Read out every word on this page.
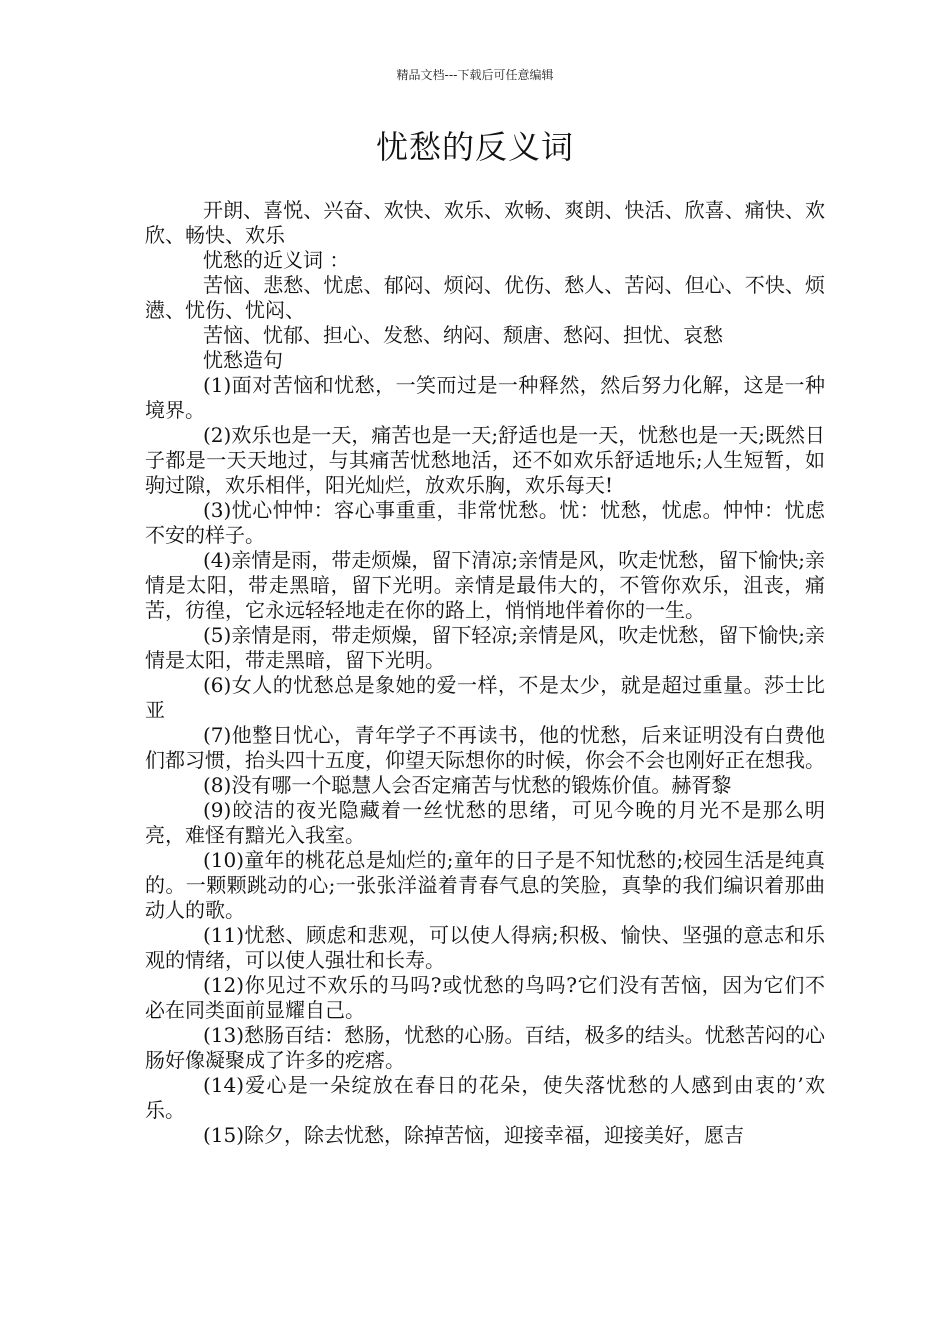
精品文档---下载后可任意编辑
忧愁的反义词

开朗、喜悦、兴奋、欢快、欢乐、欢畅、爽朗、快活、欣喜、痛快、欢欣、畅快、欢乐

忧愁的近义词 ：

苦恼、悲愁、忧虑、郁闷、烦闷、优伤、愁人、苦闷、但心、不快、烦懑、忧伤、忧闷、

苦恼、忧郁、担心、发愁、纳闷、颓唐、愁闷、担忧、哀愁

忧愁造句

(1)面对苦恼和忧愁，一笑而过是一种释然，然后努力化解，这是一种境界。

(2)欢乐也是一天，痛苦也是一天;舒适也是一天，忧愁也是一天;既然日子都是一天天地过，与其痛苦忧愁地活，还不如欢乐舒适地乐;人生短暂，如驹过隙，欢乐相伴，阳光灿烂，放欢乐胸，欢乐每天!

(3)忧心忡忡：容心事重重，非常忧愁。忧：忧愁，忧虑。忡忡：忧虑不安的样子。

(4)亲情是雨，带走烦燥，留下清凉;亲情是风，吹走忧愁，留下愉快;亲情是太阳，带走黑暗，留下光明。亲情是最伟大的，不管你欢乐，沮丧，痛苦，彷徨，它永远轻轻地走在你的路上，悄悄地伴着你的一生。

(5)亲情是雨，带走烦燥，留下轻凉;亲情是风，吹走忧愁，留下愉快;亲情是太阳，带走黑暗，留下光明。

(6)女人的忧愁总是象她的爱一样，不是太少，就是超过重量。莎士比亚

(7)他整日忧心，青年学子不再读书，他的忧愁，后来证明没有白费他们都习惯，抬头四十五度，仰望天际想你的时候，你会不会也刚好正在想我。

(8)没有哪一个聪慧人会否定痛苦与忧愁的锻炼价值。赫胥黎

(9)皎洁的夜光隐藏着一丝忧愁的思绪，可见今晚的月光不是那么明亮，难怪有黯光入我室。

(10)童年的桃花总是灿烂的;童年的日子是不知忧愁的;校园生活是纯真的。一颗颗跳动的心;一张张洋溢着青春气息的笑脸，真挚的我们编识着那曲动人的歌。

(11)忧愁、顾虑和悲观，可以使人得病;积极、愉快、坚强的意志和乐观的情绪，可以使人强壮和长寿。

(12)你见过不欢乐的马吗?或忧愁的鸟吗?它们没有苦恼，因为它们不必在同类面前显耀自己。

(13)愁肠百结：愁肠，忧愁的心肠。百结，极多的结头。忧愁苦闷的心肠好像凝聚成了许多的疙瘩。

(14)爱心是一朵绽放在春日的花朵，使失落忧愁的人感到由衷的’欢乐。

(15)除夕，除去忧愁，除掉苦恼，迎接幸福，迎接美好，愿吉
